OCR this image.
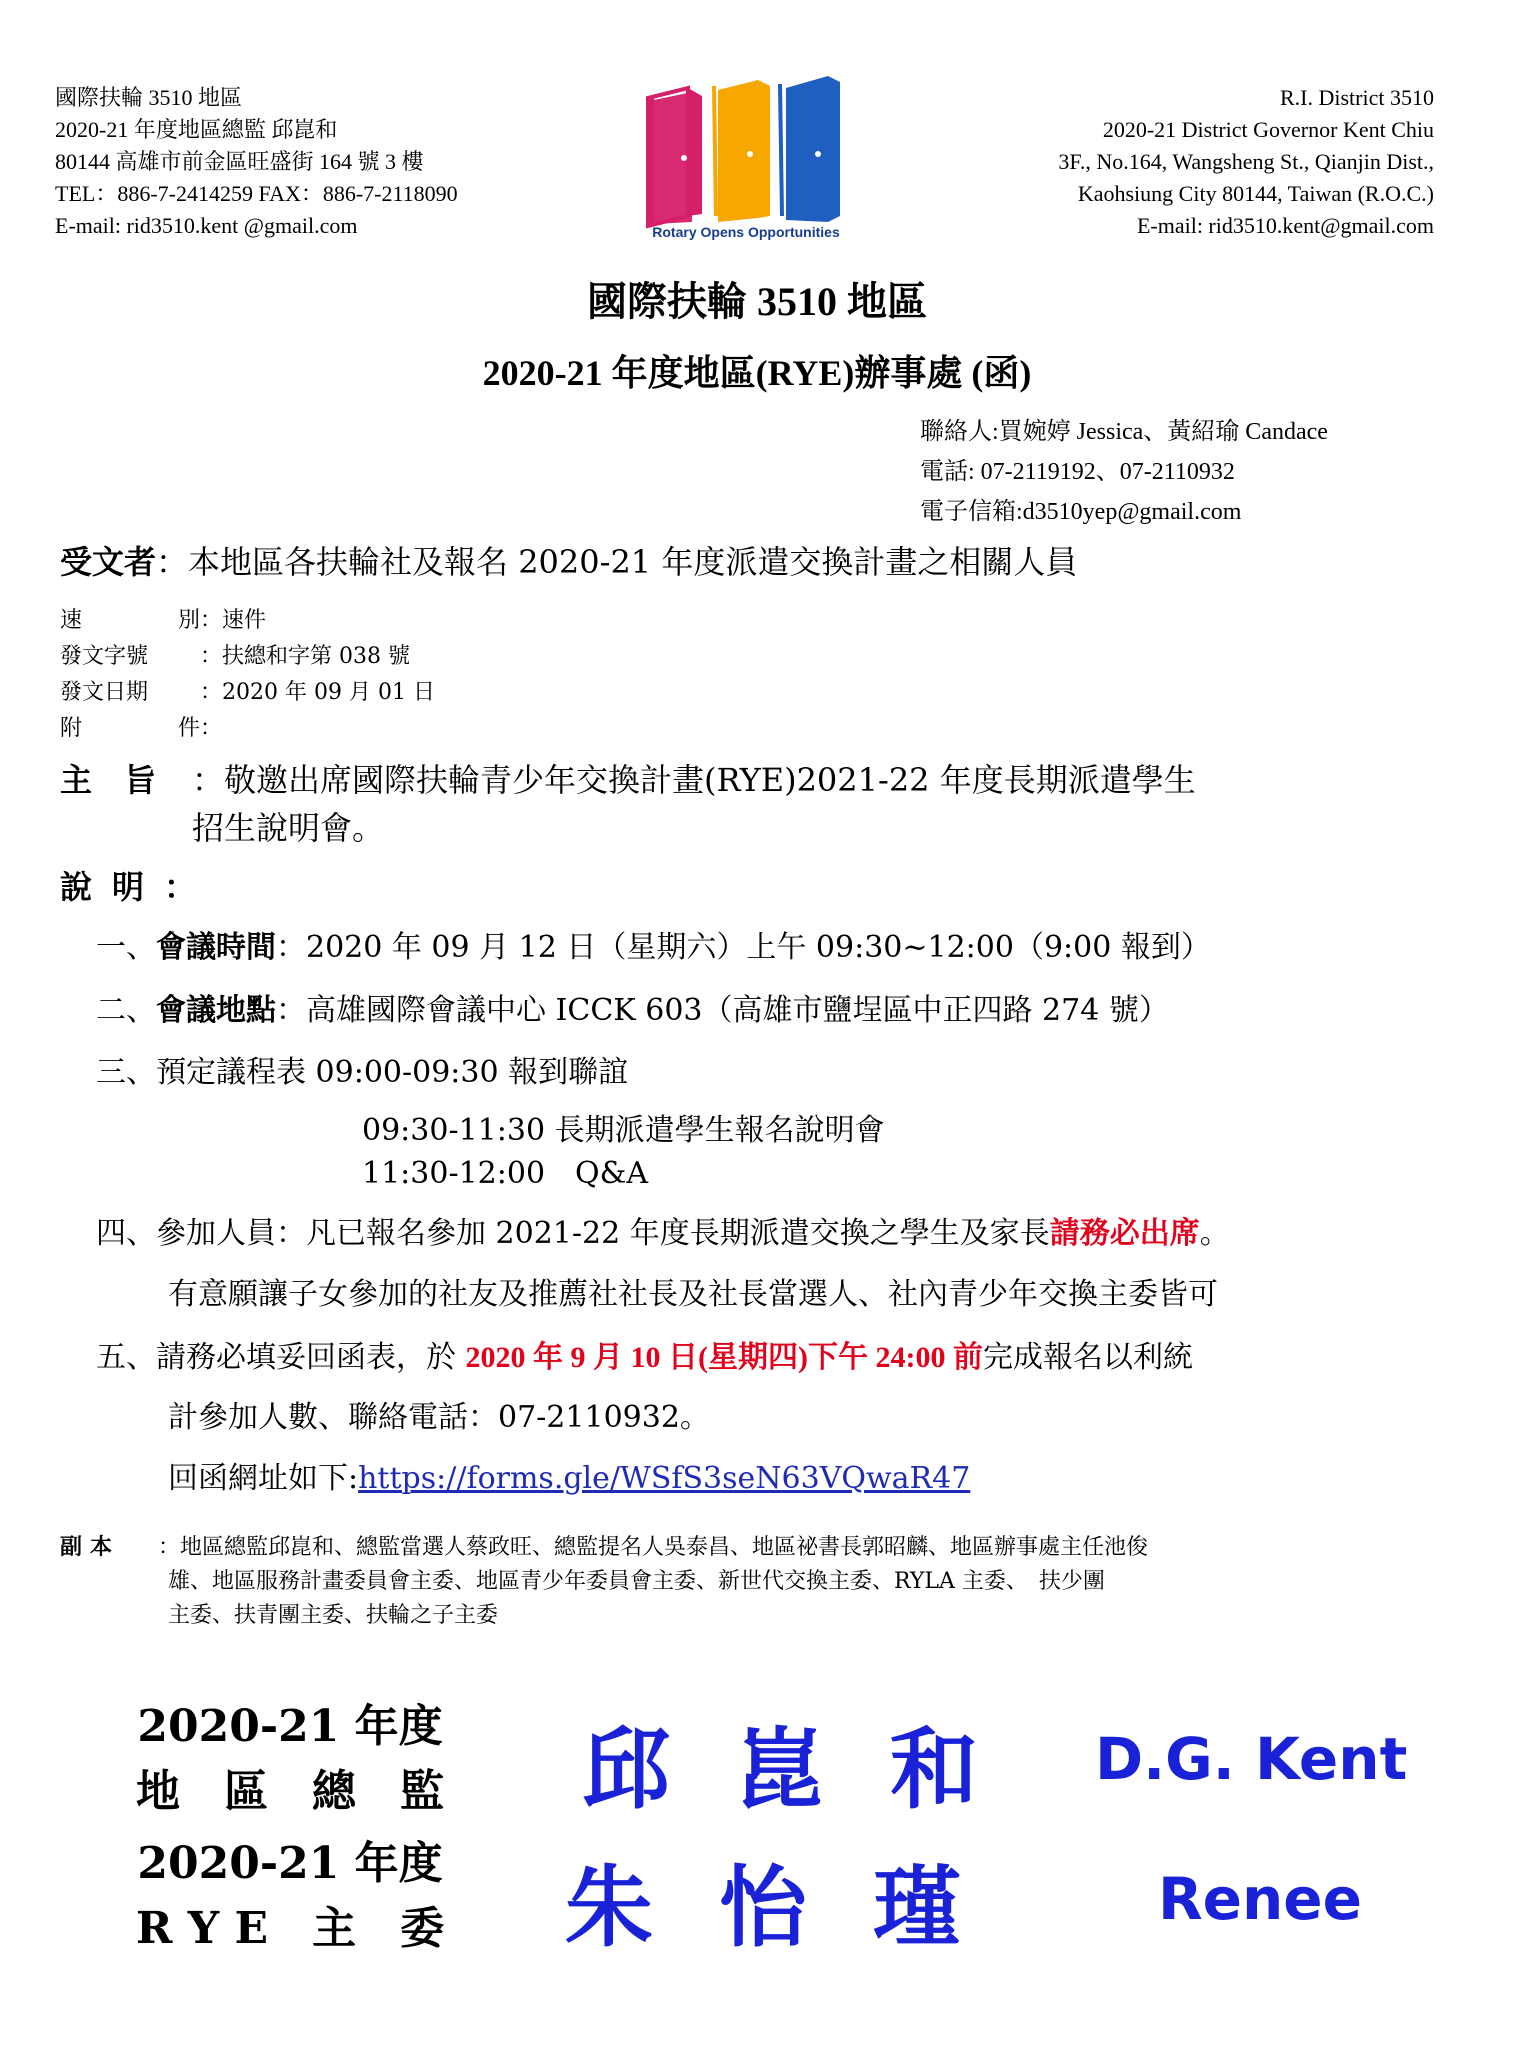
國際扶輪 3510 地區
2020-21 年度地區總監 邱崑和
80144 高雄市前金區旺盛街 164 號 3 樓
TEL：886-7-2414259 FAX：886-7-2118090
E-mail: rid3510.kent @gmail.com	Rotary Opens Opportunities
R.I. District 3510
2020-21 District Governor Kent Chiu
3F., No.164, Wangsheng St., Qianjin Dist.,
Kaohsiung City 80144, Taiwan (R.O.C.)
E-mail: rid3510.kent@gmail.com
國際扶輪 3510 地區
2020-21 年度地區(RYE)辦事處 (函)
聯絡人:買婉婷 Jessica、黃紹瑜 Candace
電話: 07-2119192、07-2110932
電子信箱:d3510yep@gmail.com
受文者：本地區各扶輪社及報名 2020-21 年度派遣交換計畫之相關人員
速	別 ：速件
發文字號 ：扶總和字第 038 號
發文日期 ：2020 年 09 月 01 日
附	件 ：
主　旨 ：敬邀出席國際扶輪青少年交換計畫(RYE)2021-22 年度長期派遣學生
招生說明會。
說明：
一、會議時間：2020 年 09 月 12 日（星期六）上午 09:30~12:00（9:00 報到）
二、會議地點：高雄國際會議中心 ICCK 603（高雄市鹽埕區中正四路 274 號）
三、預定議程表 09:00-09:30 報到聯誼
09:30-11:30 長期派遣學生報名說明會
11:30-12:00　Q&A
四、參加人員：凡已報名參加 2021-22 年度長期派遣交換之學生及家長請務必出席。
有意願讓子女參加的社友及推薦社社長及社長當選人、社內青少年交換主委皆可
五、請務必填妥回函表，於 2020 年 9 月 10 日(星期四)下午 24:00 前完成報名以利統
計參加人數、聯絡電話：07-2110932。
回函網址如下:https://forms.gle/WSfS3seN63VQwaR47
副本 ：地區總監邱崑和、總監當選人蔡政旺、總監提名人吳泰昌、地區祕書長郭昭麟、地區辦事處主任池俊
雄、地區服務計畫委員會主委、地區青少年委員會主委、新世代交換主委、RYLA 主委、　扶少團
主委、扶青團主委、扶輪之子主委
2020-21 年度
地　區　總　監 邱崑和 D.G. Kent
2020-21 年度
R Y E　主　委 朱怡瑾 Renee
